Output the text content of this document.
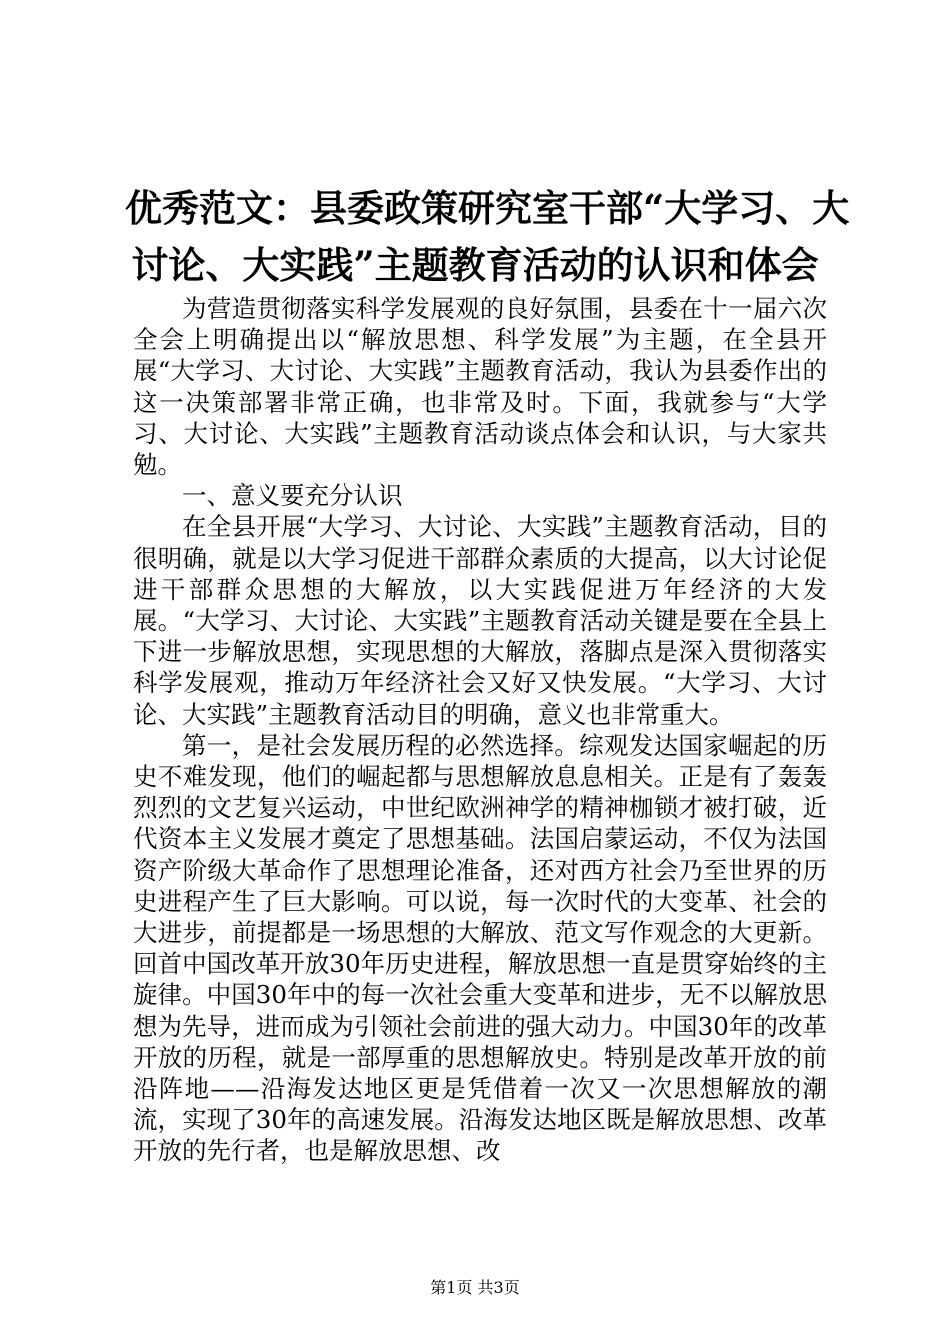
优秀范文：县委政策研究室干部“大学习、大
讨论、大实践”主题教育活动的认识和体会

为营造贯彻落实科学发展观的良好氛围，县委在十一届六次全会上明确提出以“解放思想、科学发展”为主题，在全县开展“大学习、大讨论、大实践”主题教育活动，我认为县委作出的这一决策部署非常正确，也非常及时。下面，我就参与“大学习、大讨论、大实践”主题教育活动谈点体会和认识，与大家共勉。

一、意义要充分认识

在全县开展“大学习、大讨论、大实践”主题教育活动，目的很明确，就是以大学习促进干部群众素质的大提高，以大讨论促进干部群众思想的大解放，以大实践促进万年经济的大发展。“大学习、大讨论、大实践”主题教育活动关键是要在全县上下进一步解放思想，实现思想的大解放，落脚点是深入贯彻落实科学发展观，推动万年经济社会又好又快发展。“大学习、大讨论、大实践”主题教育活动目的明确，意义也非常重大。

第一，是社会发展历程的必然选择。综观发达国家崛起的历史不难发现，他们的崛起都与思想解放息息相关。正是有了轰轰烈烈的文艺复兴运动，中世纪欧洲神学的精神枷锁才被打破，近代资本主义发展才奠定了思想基础。法国启蒙运动，不仅为法国资产阶级大革命作了思想理论准备，还对西方社会乃至世界的历史进程产生了巨大影响。可以说，每一次时代的大变革、社会的大进步，前提都是一场思想的大解放、范文写作观念的大更新。回首中国改革开放30年历史进程，解放思想一直是贯穿始终的主旋律。中国30年中的每一次社会重大变革和进步，无不以解放思想为先导，进而成为引领社会前进的强大动力。中国30年的改革开放的历程，就是一部厚重的思想解放史。特别是改革开放的前沿阵地——沿海发达地区更是凭借着一次又一次思想解放的潮流，实现了30年的高速发展。沿海发达地区既是解放思想、改革开放的先行者，也是解放思想、改

第1页 共3页
